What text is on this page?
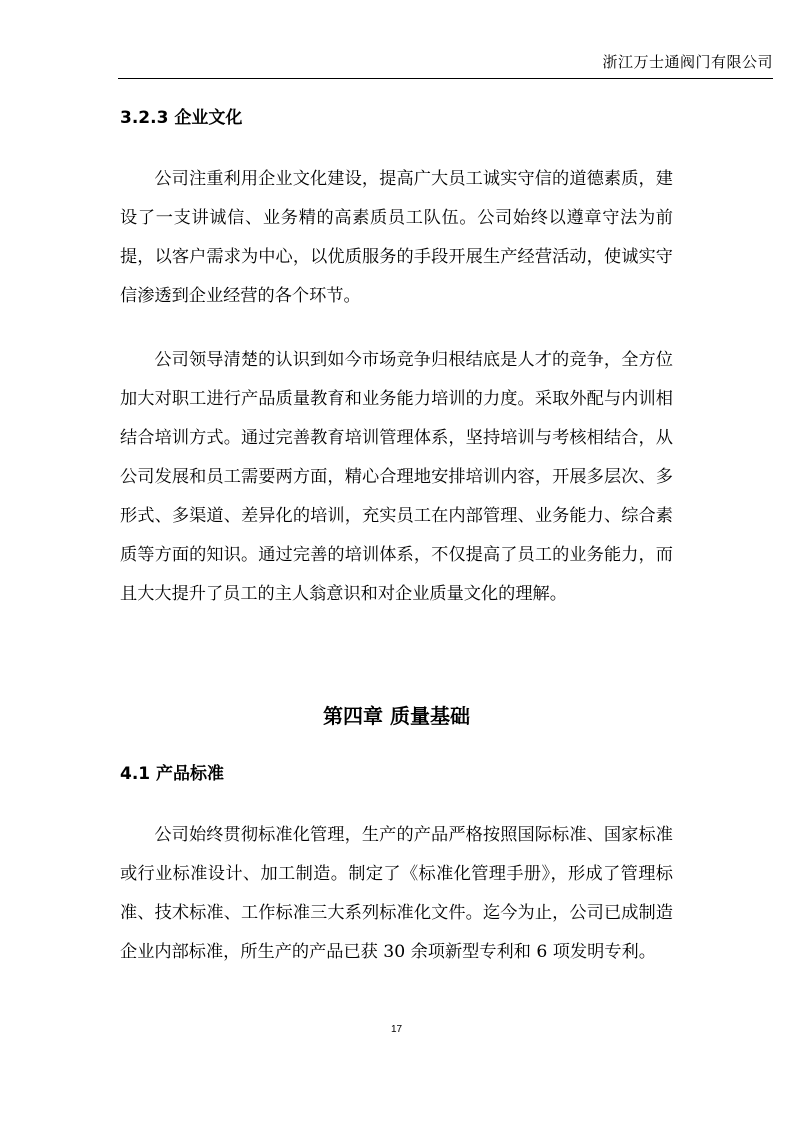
浙江万士通阀门有限公司
3.2.3 企业文化
公司注重利用企业文化建设，提高广大员工诚实守信的道德素质，建设了一支讲诚信、业务精的高素质员工队伍。公司始终以遵章守法为前提，以客户需求为中心，以优质服务的手段开展生产经营活动，使诚实守信渗透到企业经营的各个环节。
公司领导清楚的认识到如今市场竞争归根结底是人才的竞争，全方位加大对职工进行产品质量教育和业务能力培训的力度。采取外配与内训相结合培训方式。通过完善教育培训管理体系，坚持培训与考核相结合，从公司发展和员工需要两方面，精心合理地安排培训内容，开展多层次、多形式、多渠道、差异化的培训，充实员工在内部管理、业务能力、综合素质等方面的知识。通过完善的培训体系，不仅提高了员工的业务能力，而且大大提升了员工的主人翁意识和对企业质量文化的理解。
第四章 质量基础
4.1 产品标准
公司始终贯彻标准化管理，生产的产品严格按照国际标准、国家标准或行业标准设计、加工制造。制定了《标准化管理手册》，形成了管理标准、技术标准、工作标准三大系列标准化文件。迄今为止，公司已成制造企业内部标准，所生产的产品已获 30 余项新型专利和 6 项发明专利。
17
